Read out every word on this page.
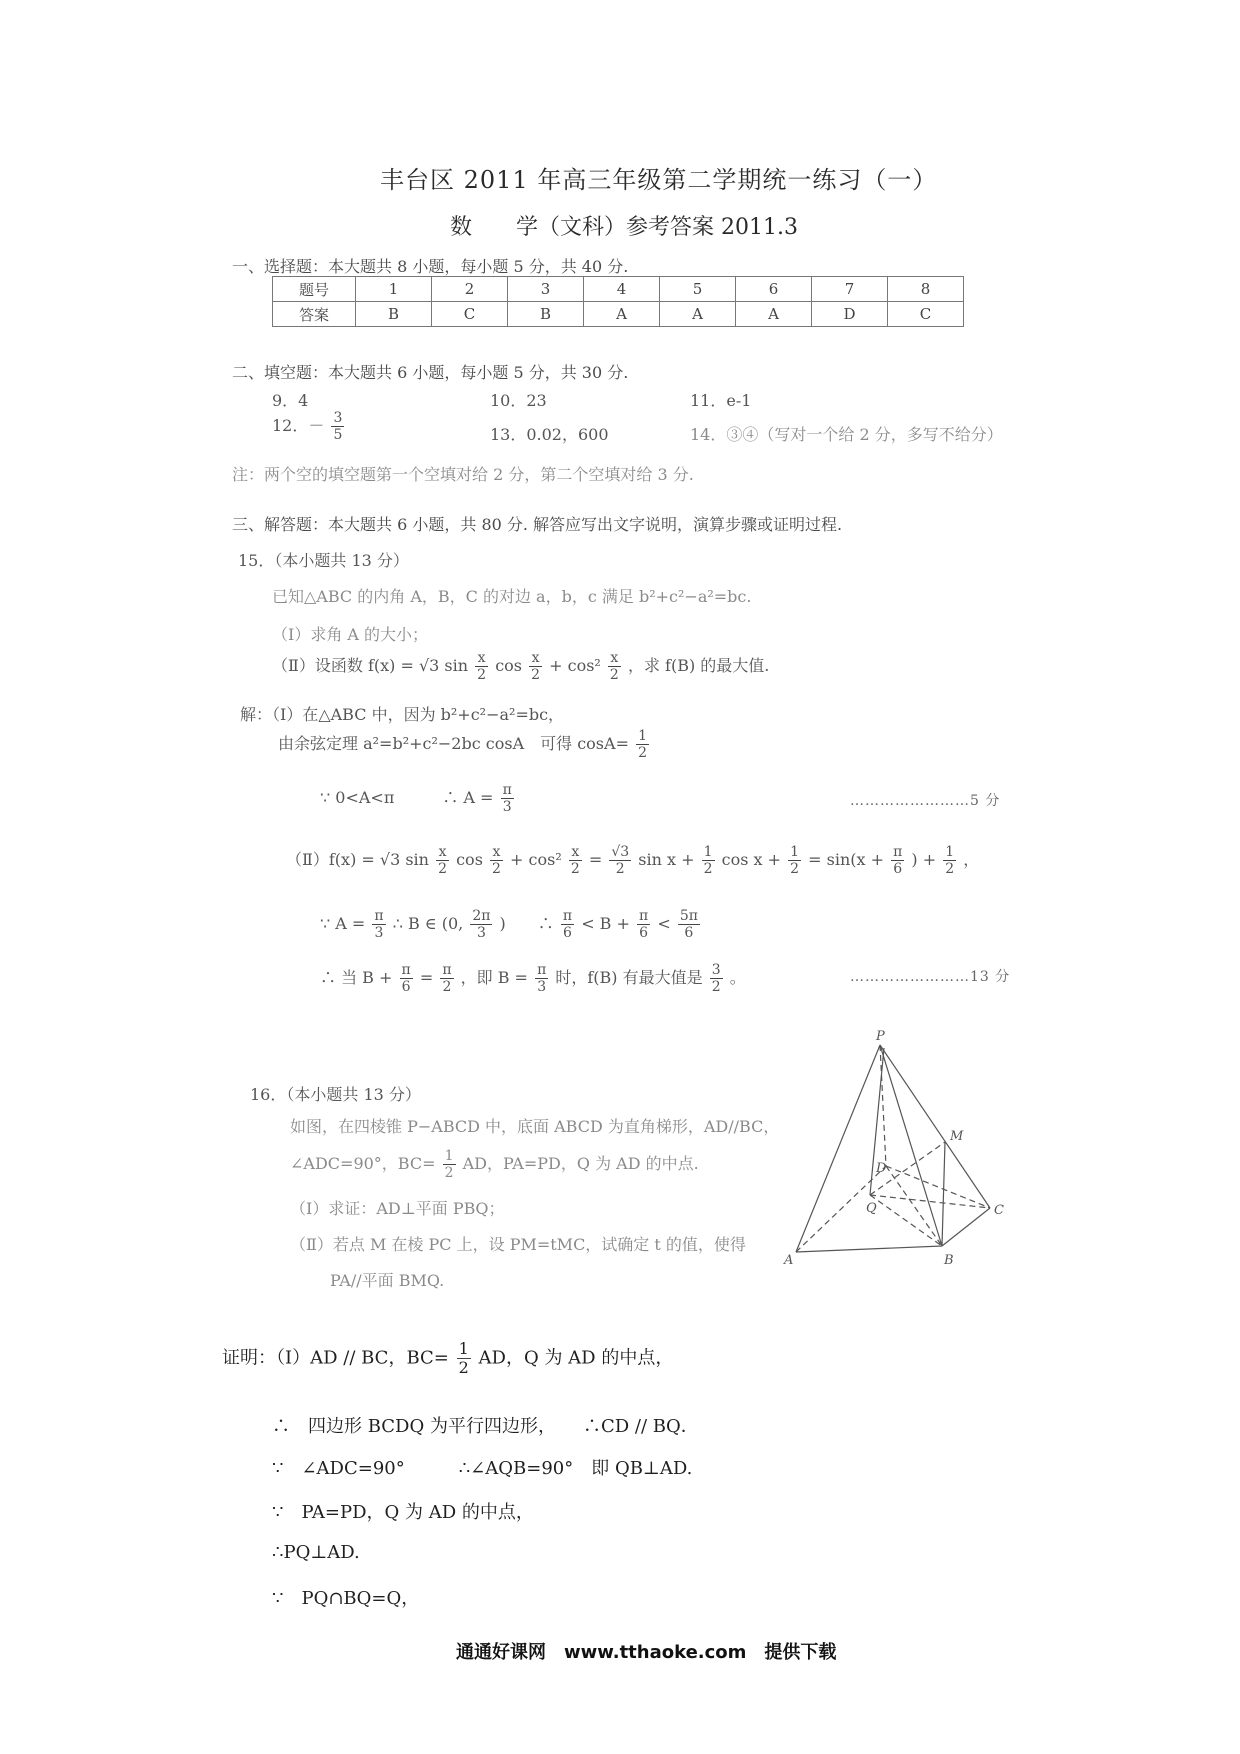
丰台区 2011 年高三年级第二学期统一练习（一）
数　　学（文科）参考答案 2011.3
一、选择题：本大题共 8 小题，每小题 5 分，共 40 分.
题号	1	2	3	4	5	6	7	8
答案	B	C	B	A	A	A	D	C
二、填空题：本大题共 6 小题，每小题 5 分，共 30 分.
9．4	10．23	11．e-1
12．－ $\frac{3}{5}$	13．0.02，600	14．③④（写对一个给 2 分，多写不给分）
注：两个空的填空题第一个空填对给 2 分，第二个空填对给 3 分.
三、解答题：本大题共 6 小题，共 80 分. 解答应写出文字说明，演算步骤或证明过程.
15．（本小题共 13 分）
已知△ABC 的内角 A，B，C 的对边 a，b，c 满足 b²+c²−a²=bc.
（Ⅰ）求角 A 的大小；
（Ⅱ）设函数 f(x) = √3 $\sin \frac{x}{2}$ $\cos \frac{x}{2} + \cos^2 \frac{x}{2}$ ，求 f(B) 的最大值.
解：（Ⅰ）在△ABC 中，因为 b²+c²−a²=bc，
由余弦定理 a²=b²+c²−2bc cosA　可得 $\cos A= \frac{1}{2}$
∵ 0<A<π　　　∴ $A = \frac{\pi}{3}$	……………………5 分
（Ⅱ）f(x) = √3 $\sin \frac{x}{2}$ $\cos \frac{x}{2} + \cos^2 \frac{x}{2} = \frac{√3}{2}$ $\sin x + \frac{1}{2}$ $\cos x + \frac{1}{2} = \sin(x + \frac{\pi}{6}$ ) + $\frac{1}{2}$ ，
∵ $A = \frac{\pi}{3}$ ∴ B ∈ (0, $\frac{2\pi}{3}$ )　　∴ $\frac{\pi}{6} < B + \frac{\pi}{6} < \frac{5\pi}{6}$
∴ 当 $B + \frac{\pi}{6} = \frac{\pi}{2}$ ，即 $B = \frac{\pi}{3}$ 时，f(B) 有最大值是 $\frac{3}{2}$ 。	……………………13 分
16．（本小题共 13 分）
如图，在四棱锥 P−ABCD 中，底面 ABCD 为直角梯形，AD//BC，
∠ADC=90°，$BC= \frac{1}{2}$ AD，PA=PD，Q 为 AD 的中点.
（Ⅰ）求证：AD⊥平面 PBQ；
（Ⅱ）若点 M 在棱 PC 上，设 PM=tMC，试确定 t 的值，使得
PA//平面 BMQ.
P
M
D
Q	C
A	B
证明：（Ⅰ）AD // BC，$BC= \frac{1}{2}$ AD，Q 为 AD 的中点，
∴　四边形 BCDQ 为平行四边形，　　∴CD // BQ．
∵　∠ADC=90°　　　∴∠AQB=90°　即 QB⊥AD.
∵　PA=PD，Q 为 AD 的中点，
∴PQ⊥AD.
∵　PQ∩BQ=Q，
通通好课网　www.tthaoke.com　提供下载
